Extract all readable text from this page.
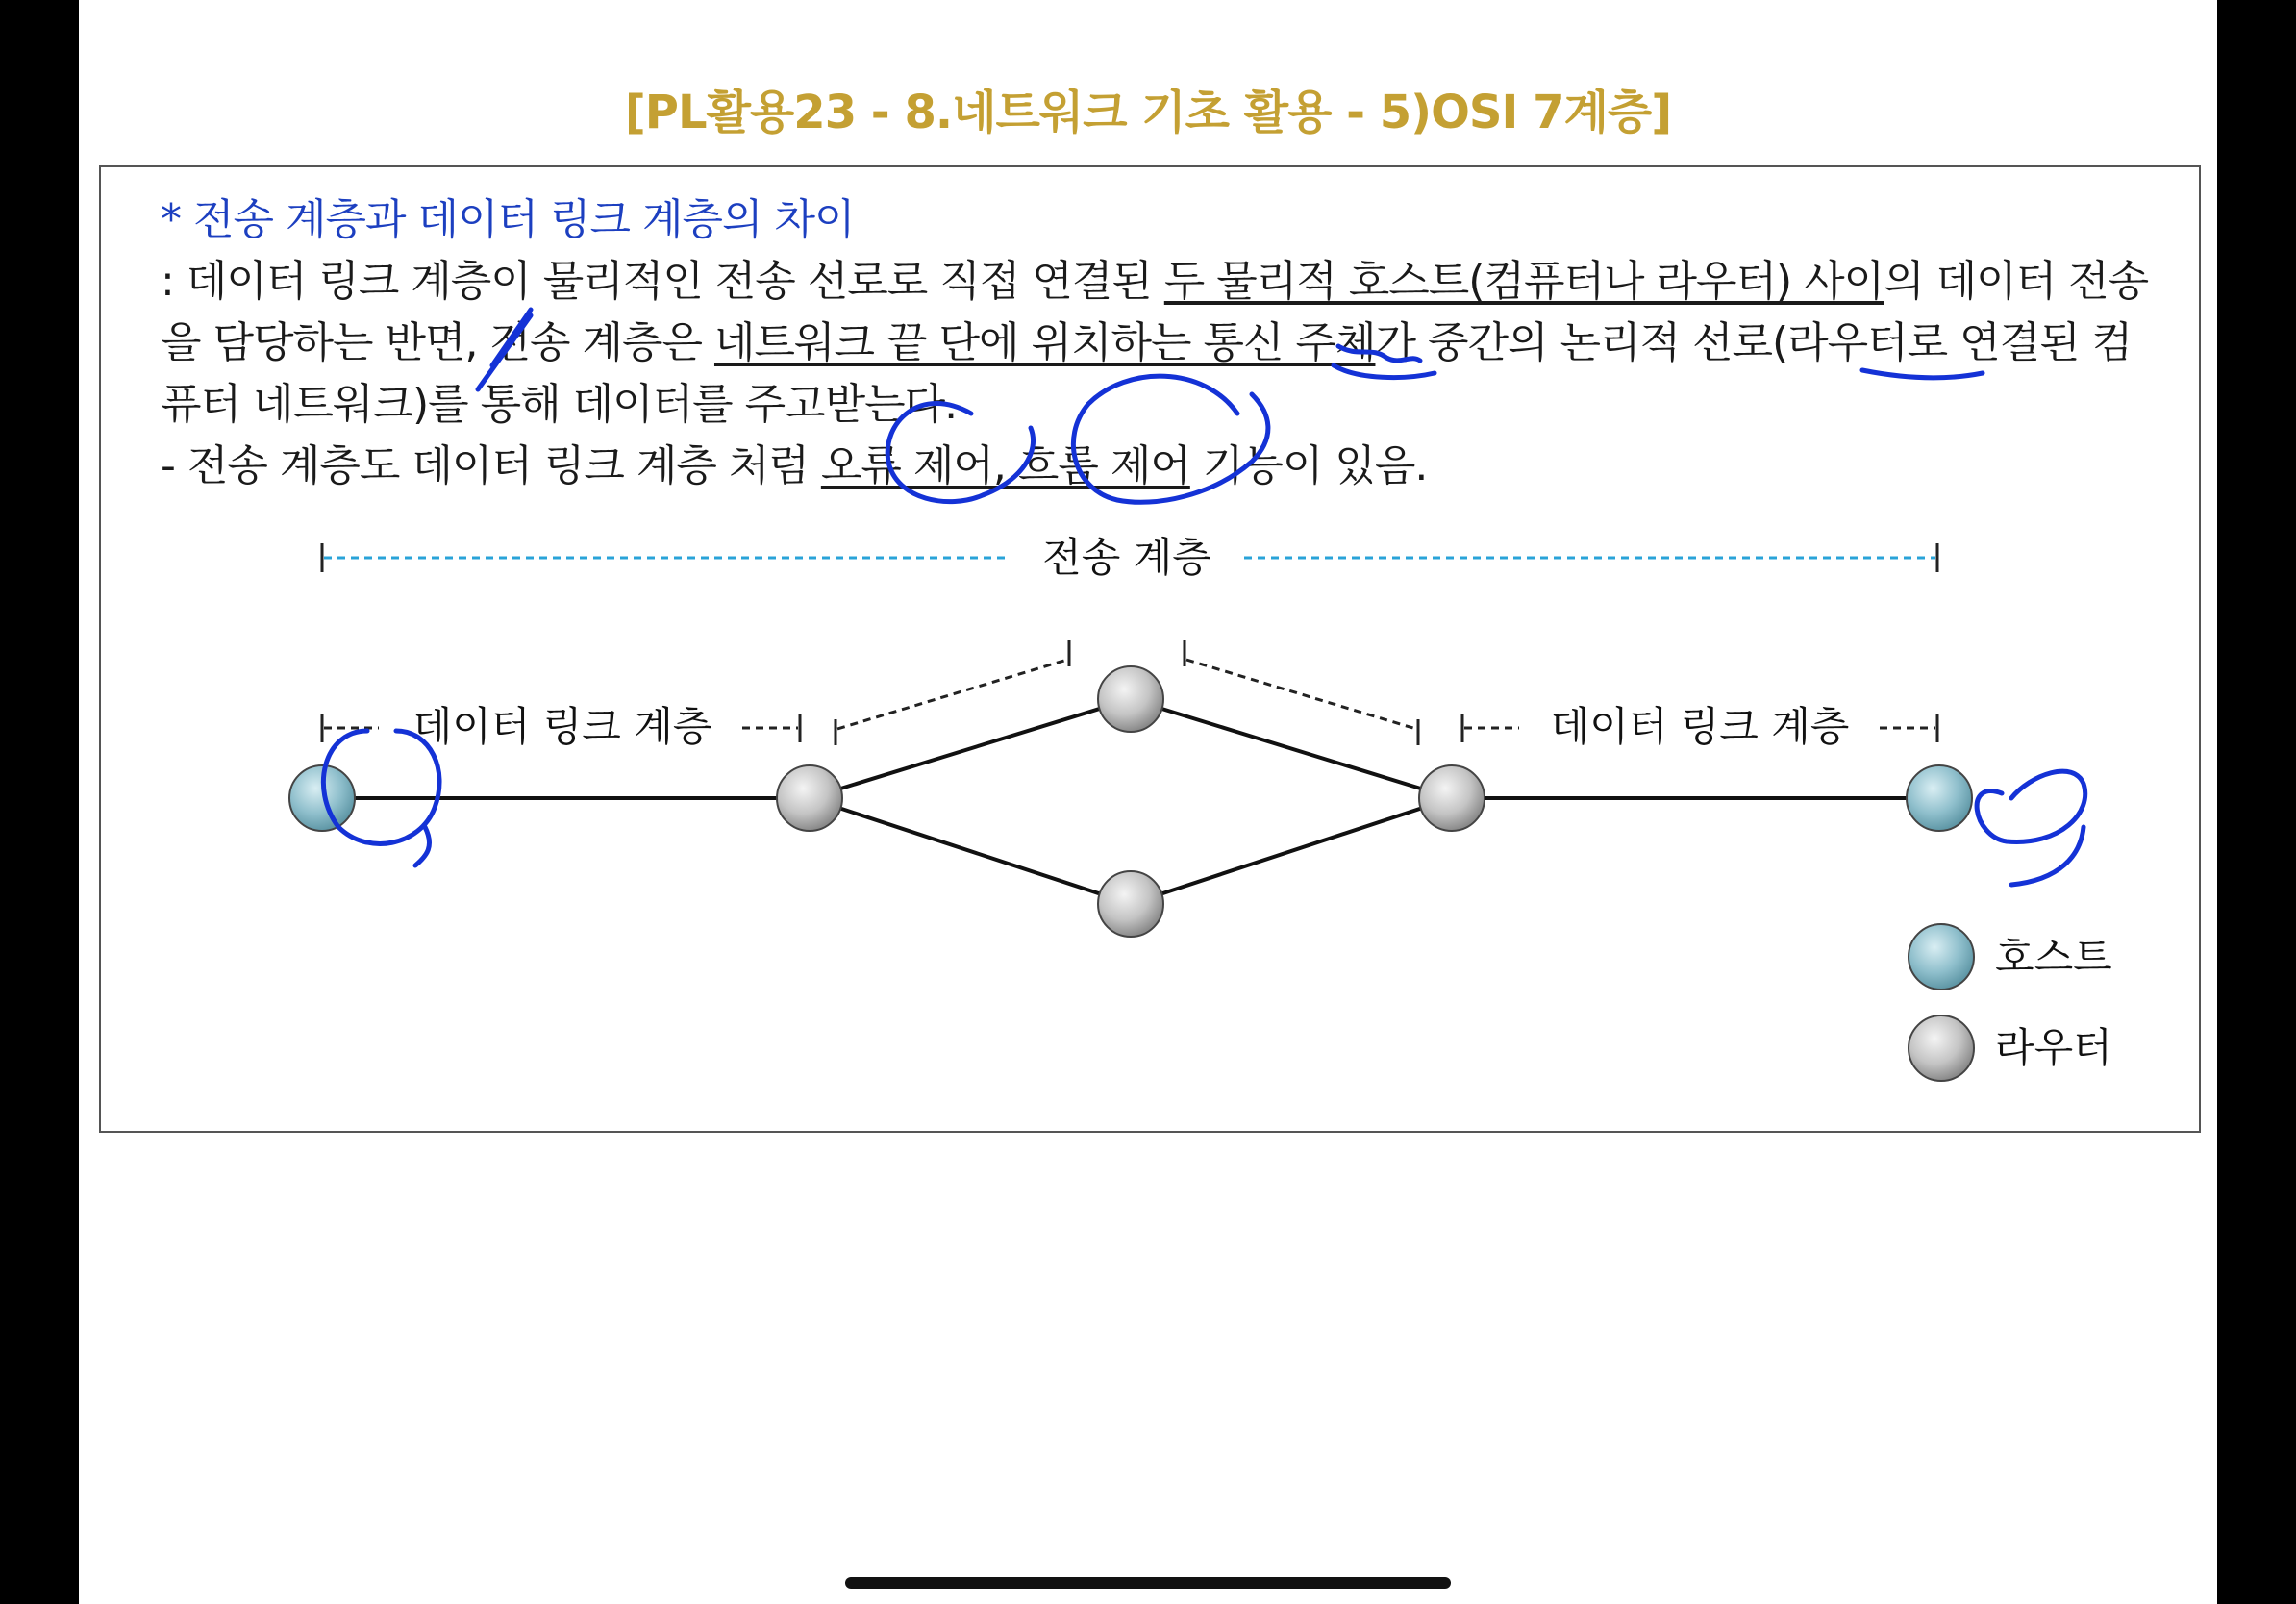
[PL활용23 - 8.네트워크 기초 활용 - 5)OSI 7계층]
* 전송 계층과 데이터 링크 계층의 차이
: 데이터 링크 계층이 물리적인 전송 선로로 직접 연결된 두 물리적 호스트(컴퓨터나 라우터) 사이의 데이터 전송
을 담당하는 반면, 전송 계층은 네트워크 끝 단에 위치하는 통신 주체가 중간의 논리적 선로(라우터로 연결된 컴
퓨터 네트워크)를 통해 데이터를 주고받는다.
- 전송 계층도 데이터 링크 계층 처럼 오류 제어, 흐름 제어 기능이 있음.
전송 계층
데이터 링크 계층	데이터 링크 계층
호스트
라우터
